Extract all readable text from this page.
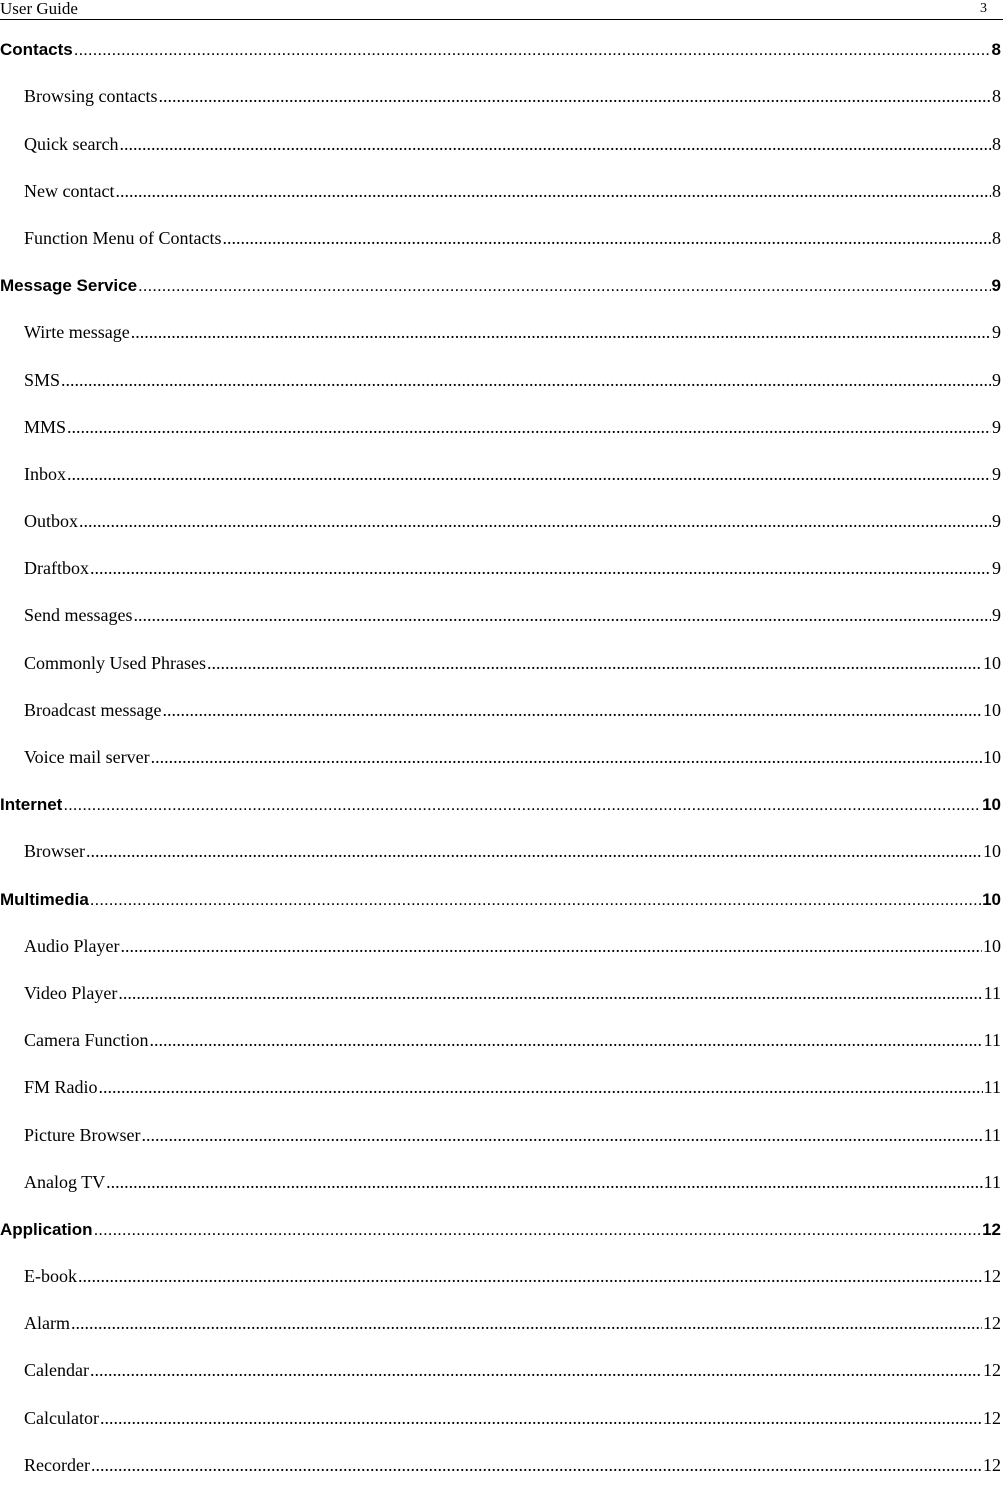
User Guide	3
Contacts .....	8
Browsing contacts .....	8
Quick search .....	8
New contact .....	8
Function Menu of Contacts .....	8
Message Service .....	9
Wirte message .....	9
SMS .....	9
MMS .....	9
Inbox .....	9
Outbox .....	9
Draftbox .....	9
Send messages .....	9
Commonly Used Phrases .....	10
Broadcast message .....	10
Voice mail server .....	10
Internet .....	10
Browser .....	10
Multimedia .....	10
Audio Player .....	10
Video Player .....	11
Camera Function .....	11
FM Radio .....	11
Picture Browser .....	11
Analog TV .....	11
Application .....	12
E-book .....	12
Alarm .....	12
Calendar .....	12
Calculator .....	12
Recorder .....	12
